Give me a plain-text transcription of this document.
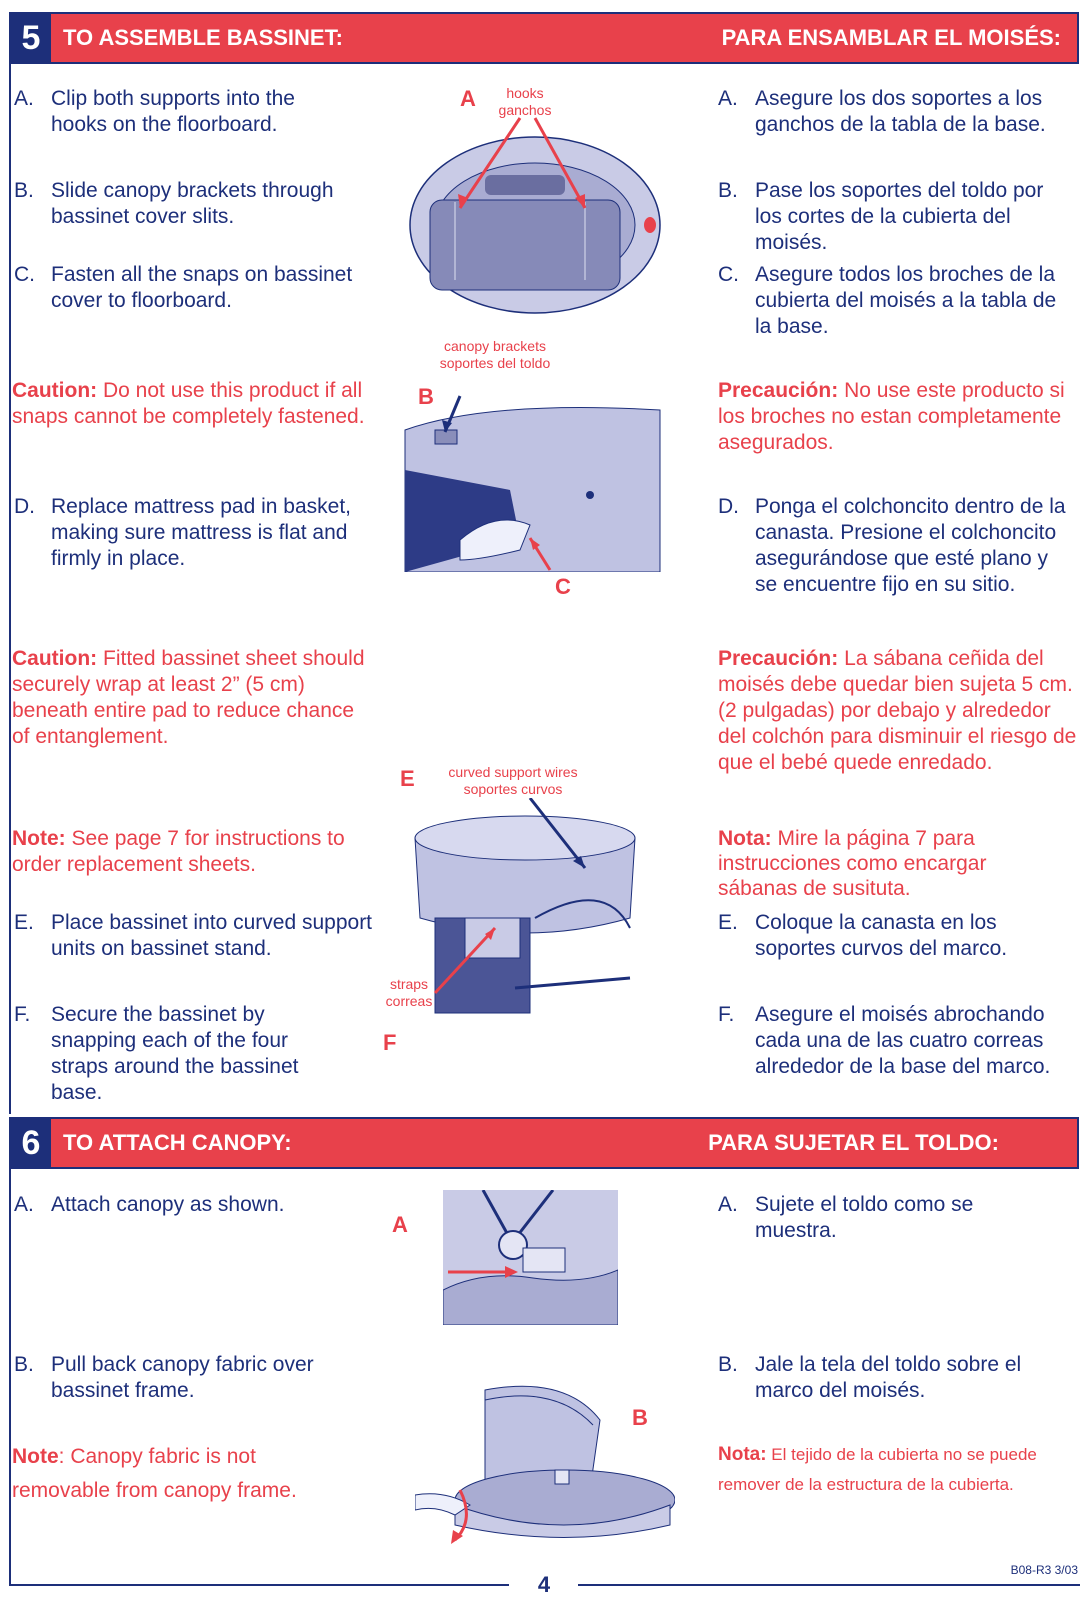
5	TO ASSEMBLE BASSINET:	PARA ENSAMBLAR EL MOISÉS:
A. Clip both supports into the hooks on the floorboard.
B. Slide canopy brackets through bassinet cover slits.
C. Fasten all the snaps on bassinet cover to floorboard.
Caution: Do not use this product if all snaps cannot be completely fastened.
D. Replace mattress pad in basket, making sure mattress is flat and firmly in place.
Caution: Fitted bassinet sheet should securely wrap at least 2” (5 cm) beneath entire pad to reduce chance of entanglement.
Note: See page 7 for instructions to order replacement sheets.
E. Place bassinet into curved support units on bassinet stand.
F. Secure the bassinet by snapping each of the four straps around the bassinet base.
A. Asegure los dos soportes a los ganchos de la tabla de la base.
B. Pase los soportes del toldo por los cortes de la cubierta del moisés.
C. Asegure todos los broches de la cubierta del moisés a la tabla de la base.
Precaución: No use este producto si los broches no estan completamente asegurados.
D. Ponga el colchoncito dentro de la canasta. Presione el colchoncito asegurándose que esté plano y se encuentre fijo en su sitio.
Precaución: La sábana ceñida del moisés debe quedar bien sujeta 5 cm. (2 pulgadas) por debajo y alrededor del colchón para disminuir el riesgo de que el bebé quede enredado.
Nota: Mire la página 7 para instrucciones como encargar sábanas de susituta.
E. Coloque la canasta en los soportes curvos del marco.
F. Asegure el moisés abrochando cada una de las cuatro correas alrededor de la base del marco.
A	hooks
ganchos
canopy brackets
soportes del toldo
B
C
E	curved support wires
soportes curvos
straps
correas
F
6	TO ATTACH CANOPY:	PARA SUJETAR EL TOLDO:
A. Attach canopy as shown.
B. Pull back canopy fabric over bassinet frame.
Note: Canopy fabric is not removable from canopy frame.
A. Sujete el toldo como se muestra.
B. Jale la tela del toldo sobre el marco del moisés.
Nota: El tejido de la cubierta no se puede remover de la estructura de la cubierta.
A
B
4
B08-R3 3/03
